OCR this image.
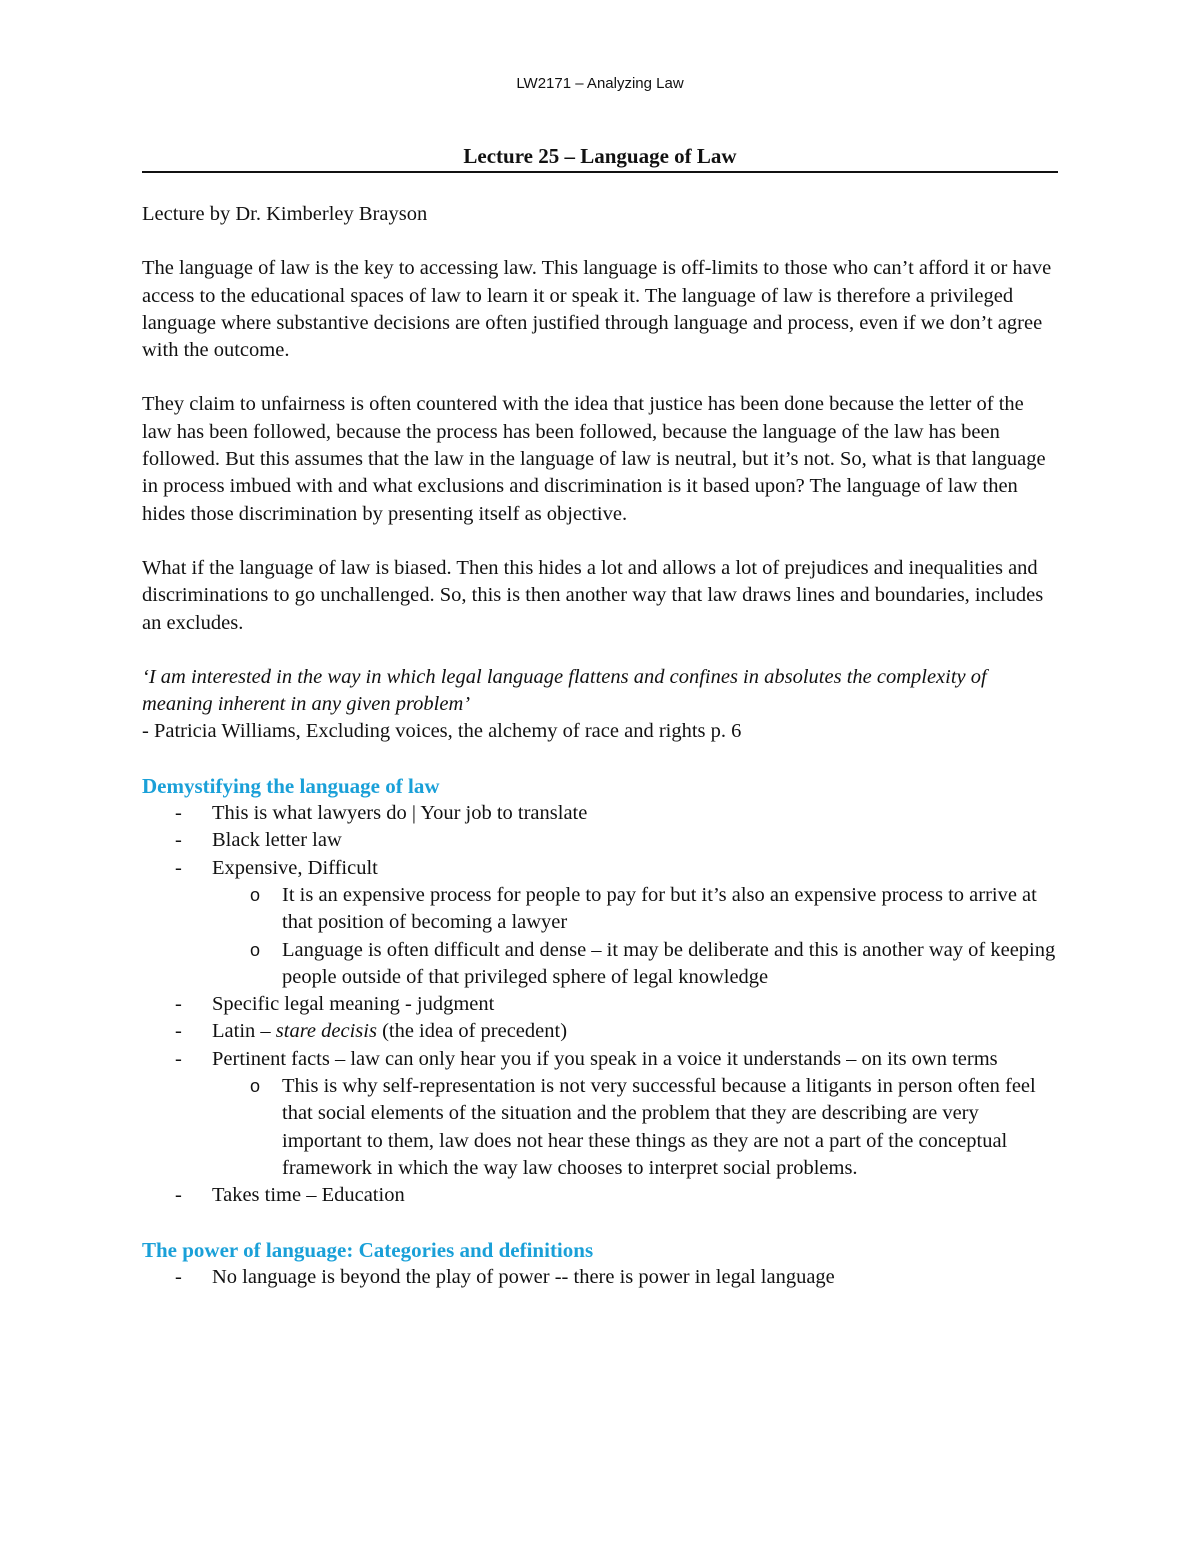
LW2171 – Analyzing Law
Lecture 25 – Language of Law

Lecture by Dr. Kimberley Brayson

The language of law is the key to accessing law. This language is off-limits to those who can’t afford it or have access to the educational spaces of law to learn it or speak it. The language of law is therefore a privileged language where substantive decisions are often justified through language and process, even if we don’t agree with the outcome.

They claim to unfairness is often countered with the idea that justice has been done because the letter of the law has been followed, because the process has been followed, because the language of the law has been followed. But this assumes that the law in the language of law is neutral, but it’s not. So, what is that language in process imbued with and what exclusions and discrimination is it based upon? The language of law then hides those discrimination by presenting itself as objective.

What if the language of law is biased. Then this hides a lot and allows a lot of prejudices and inequalities and discriminations to go unchallenged. So, this is then another way that law draws lines and boundaries, includes an excludes.

‘I am interested in the way in which legal language flattens and confines in absolutes the complexity of meaning inherent in any given problem’

- Patricia Williams, Excluding voices, the alchemy of race and rights p. 6

Demystifying the language of law
- This is what lawyers do | Your job to translate
- Black letter law
- Expensive, Difficult
o It is an expensive process for people to pay for but it’s also an expensive process to arrive at that position of becoming a lawyer
o Language is often difficult and dense – it may be deliberate and this is another way of keeping people outside of that privileged sphere of legal knowledge
- Specific legal meaning - judgment
- Latin – stare decisis (the idea of precedent)
- Pertinent facts – law can only hear you if you speak in a voice it understands – on its own terms
o This is why self-representation is not very successful because a litigants in person often feel that social elements of the situation and the problem that they are describing are very important to them, law does not hear these things as they are not a part of the conceptual framework in which the way law chooses to interpret social problems.
- Takes time – Education
The power of language: Categories and definitions
- No language is beyond the play of power -- there is power in legal language
